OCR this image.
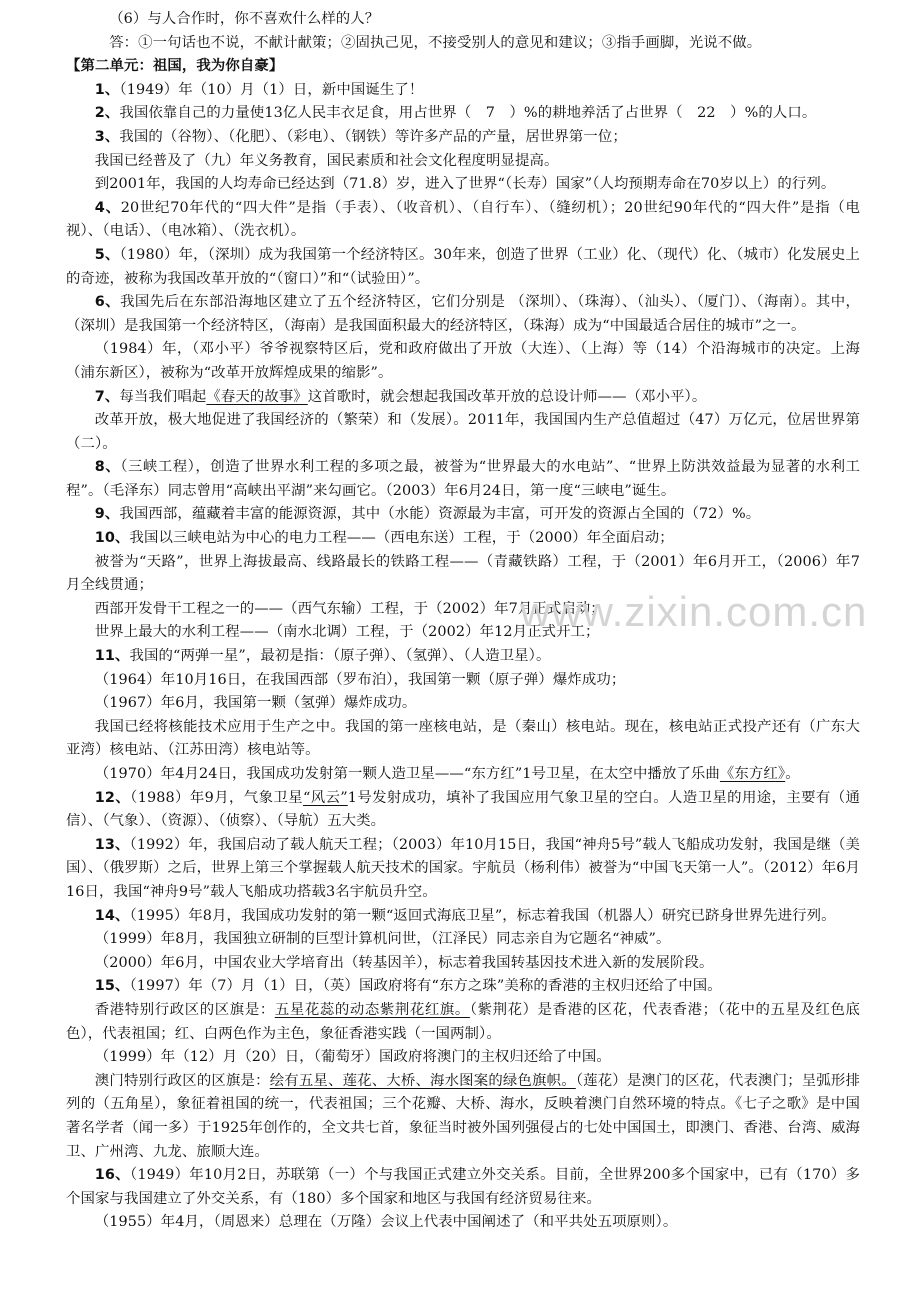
（6）与人合作时，你不喜欢什么样的人？

答：①一句话也不说，不献计献策；②固执己见，不接受别人的意见和建议；③指手画脚，光说不做。

【第二单元：祖国，我为你自豪】

1、（1949）年（10）月（1）日，新中国诞生了！

2、我国依靠自己的力量使13亿人民丰衣足食，用占世界（　7　）%的耕地养活了占世界（　22　）%的人口。

3、我国的（谷物）、（化肥）、（彩电）、（钢铁）等许多产品的产量，居世界第一位；

我国已经普及了（九）年义务教育，国民素质和社会文化程度明显提高。

到2001年，我国的人均寿命已经达到（71.8）岁，进入了世界“（长寿）国家”（人均预期寿命在70岁以上）的行列。

4、20世纪70年代的“四大件”是指（手表）、（收音机）、（自行车）、（缝纫机）；20世纪90年代的“四大件”是指（电视）、（电话）、（电冰箱）、（洗衣机）。

5、（1980）年，（深圳）成为我国第一个经济特区。30年来，创造了世界（工业）化、（现代）化、（城市）化发展史上的奇迹，被称为我国改革开放的“（窗口）”和“（试验田）”。

6、我国先后在东部沿海地区建立了五个经济特区，它们分别是 （深圳）、（珠海）、（汕头）、（厦门）、（海南）。其中，（深圳）是我国第一个经济特区，（海南）是我国面积最大的经济特区，（珠海）成为“中国最适合居住的城市”之一。

（1984）年，（邓小平）爷爷视察特区后，党和政府做出了开放（大连）、（上海）等（14）个沿海城市的决定。上海（浦东新区），被称为“改革开放辉煌成果的缩影”。

7、每当我们唱起《春天的故事》这首歌时，就会想起我国改革开放的总设计师——（邓小平）。

改革开放，极大地促进了我国经济的（繁荣）和（发展）。2011年，我国国内生产总值超过（47）万亿元，位居世界第（二）。

8、（三峡工程），创造了世界水利工程的多项之最，被誉为“世界最大的水电站”、“世界上防洪效益最为显著的水利工程”。（毛泽东）同志曾用“高峡出平湖”来勾画它。（2003）年6月24日，第一度“三峡电”诞生。

9、我国西部，蕴藏着丰富的能源资源，其中（水能）资源最为丰富，可开发的资源占全国的（72）%。

10、我国以三峡电站为中心的电力工程——（西电东送）工程，于（2000）年全面启动；

被誉为“天路”，世界上海拔最高、线路最长的铁路工程——（青藏铁路）工程，于（2001）年6月开工，（2006）年7月全线贯通；

西部开发骨干工程之一的——（西气东输）工程，于（2002）年7月正式启动；

世界上最大的水利工程——（南水北调）工程，于（2002）年12月正式开工；

11、我国的“两弹一星”，最初是指：（原子弹）、（氢弹）、（人造卫星）。

（1964）年10月16日，在我国西部（罗布泊），我国第一颗（原子弹）爆炸成功；

（1967）年6月，我国第一颗（氢弹）爆炸成功。

我国已经将核能技术应用于生产之中。我国的第一座核电站，是（秦山）核电站。现在，核电站正式投产还有（广东大亚湾）核电站、（江苏田湾）核电站等。

（1970）年4月24日，我国成功发射第一颗人造卫星——“东方红”1号卫星，在太空中播放了乐曲《东方红》。

12、（1988）年9月，气象卫星“风云”1号发射成功，填补了我国应用气象卫星的空白。人造卫星的用途，主要有（通信）、（气象）、（资源）、（侦察）、（导航）五大类。

13、（1992）年，我国启动了载人航天工程；（2003）年10月15日，我国“神舟5号”载人飞船成功发射，我国是继（美国）、（俄罗斯）之后，世界上第三个掌握载人航天技术的国家。宇航员（杨利伟）被誉为“中国飞天第一人”。（2012）年6月16日，我国“神舟9号”载人飞船成功搭载3名宇航员升空。

14、（1995）年8月，我国成功发射的第一颗“返回式海底卫星”，标志着我国（机器人）研究已跻身世界先进行列。

（1999）年8月，我国独立研制的巨型计算机问世，（江泽民）同志亲自为它题名“神威”。

（2000）年6月，中国农业大学培育出（转基因羊），标志着我国转基因技术进入新的发展阶段。

15、（1997）年（7）月（1）日，（英）国政府将有“东方之珠”美称的香港的主权归还给了中国。

香港特别行政区的区旗是：五星花蕊的动态紫荆花红旗。（紫荆花）是香港的区花，代表香港；（花中的五星及红色底色），代表祖国；红、白两色作为主色，象征香港实践（一国两制）。

（1999）年（12）月（20）日，（葡萄牙）国政府将澳门的主权归还给了中国。

澳门特别行政区的区旗是：绘有五星、莲花、大桥、海水图案的绿色旗帜。（莲花）是澳门的区花，代表澳门；呈弧形排列的（五角星），象征着祖国的统一，代表祖国；三个花瓣、大桥、海水，反映着澳门自然环境的特点。《七子之歌》是中国著名学者（闻一多）于1925年创作的，全文共七首，象征当时被外国列强侵占的七处中国国土，即澳门、香港、台湾、威海卫、广州湾、九龙、旅顺大连。

16、（1949）年10月2日，苏联第（一）个与我国正式建立外交关系。目前，全世界200多个国家中，已有（170）多个国家与我国建立了外交关系，有（180）多个国家和地区与我国有经济贸易往来。

（1955）年4月，（周恩来）总理在（万隆）会议上代表中国阐述了（和平共处五项原则）。

www.zixin.com.cn
